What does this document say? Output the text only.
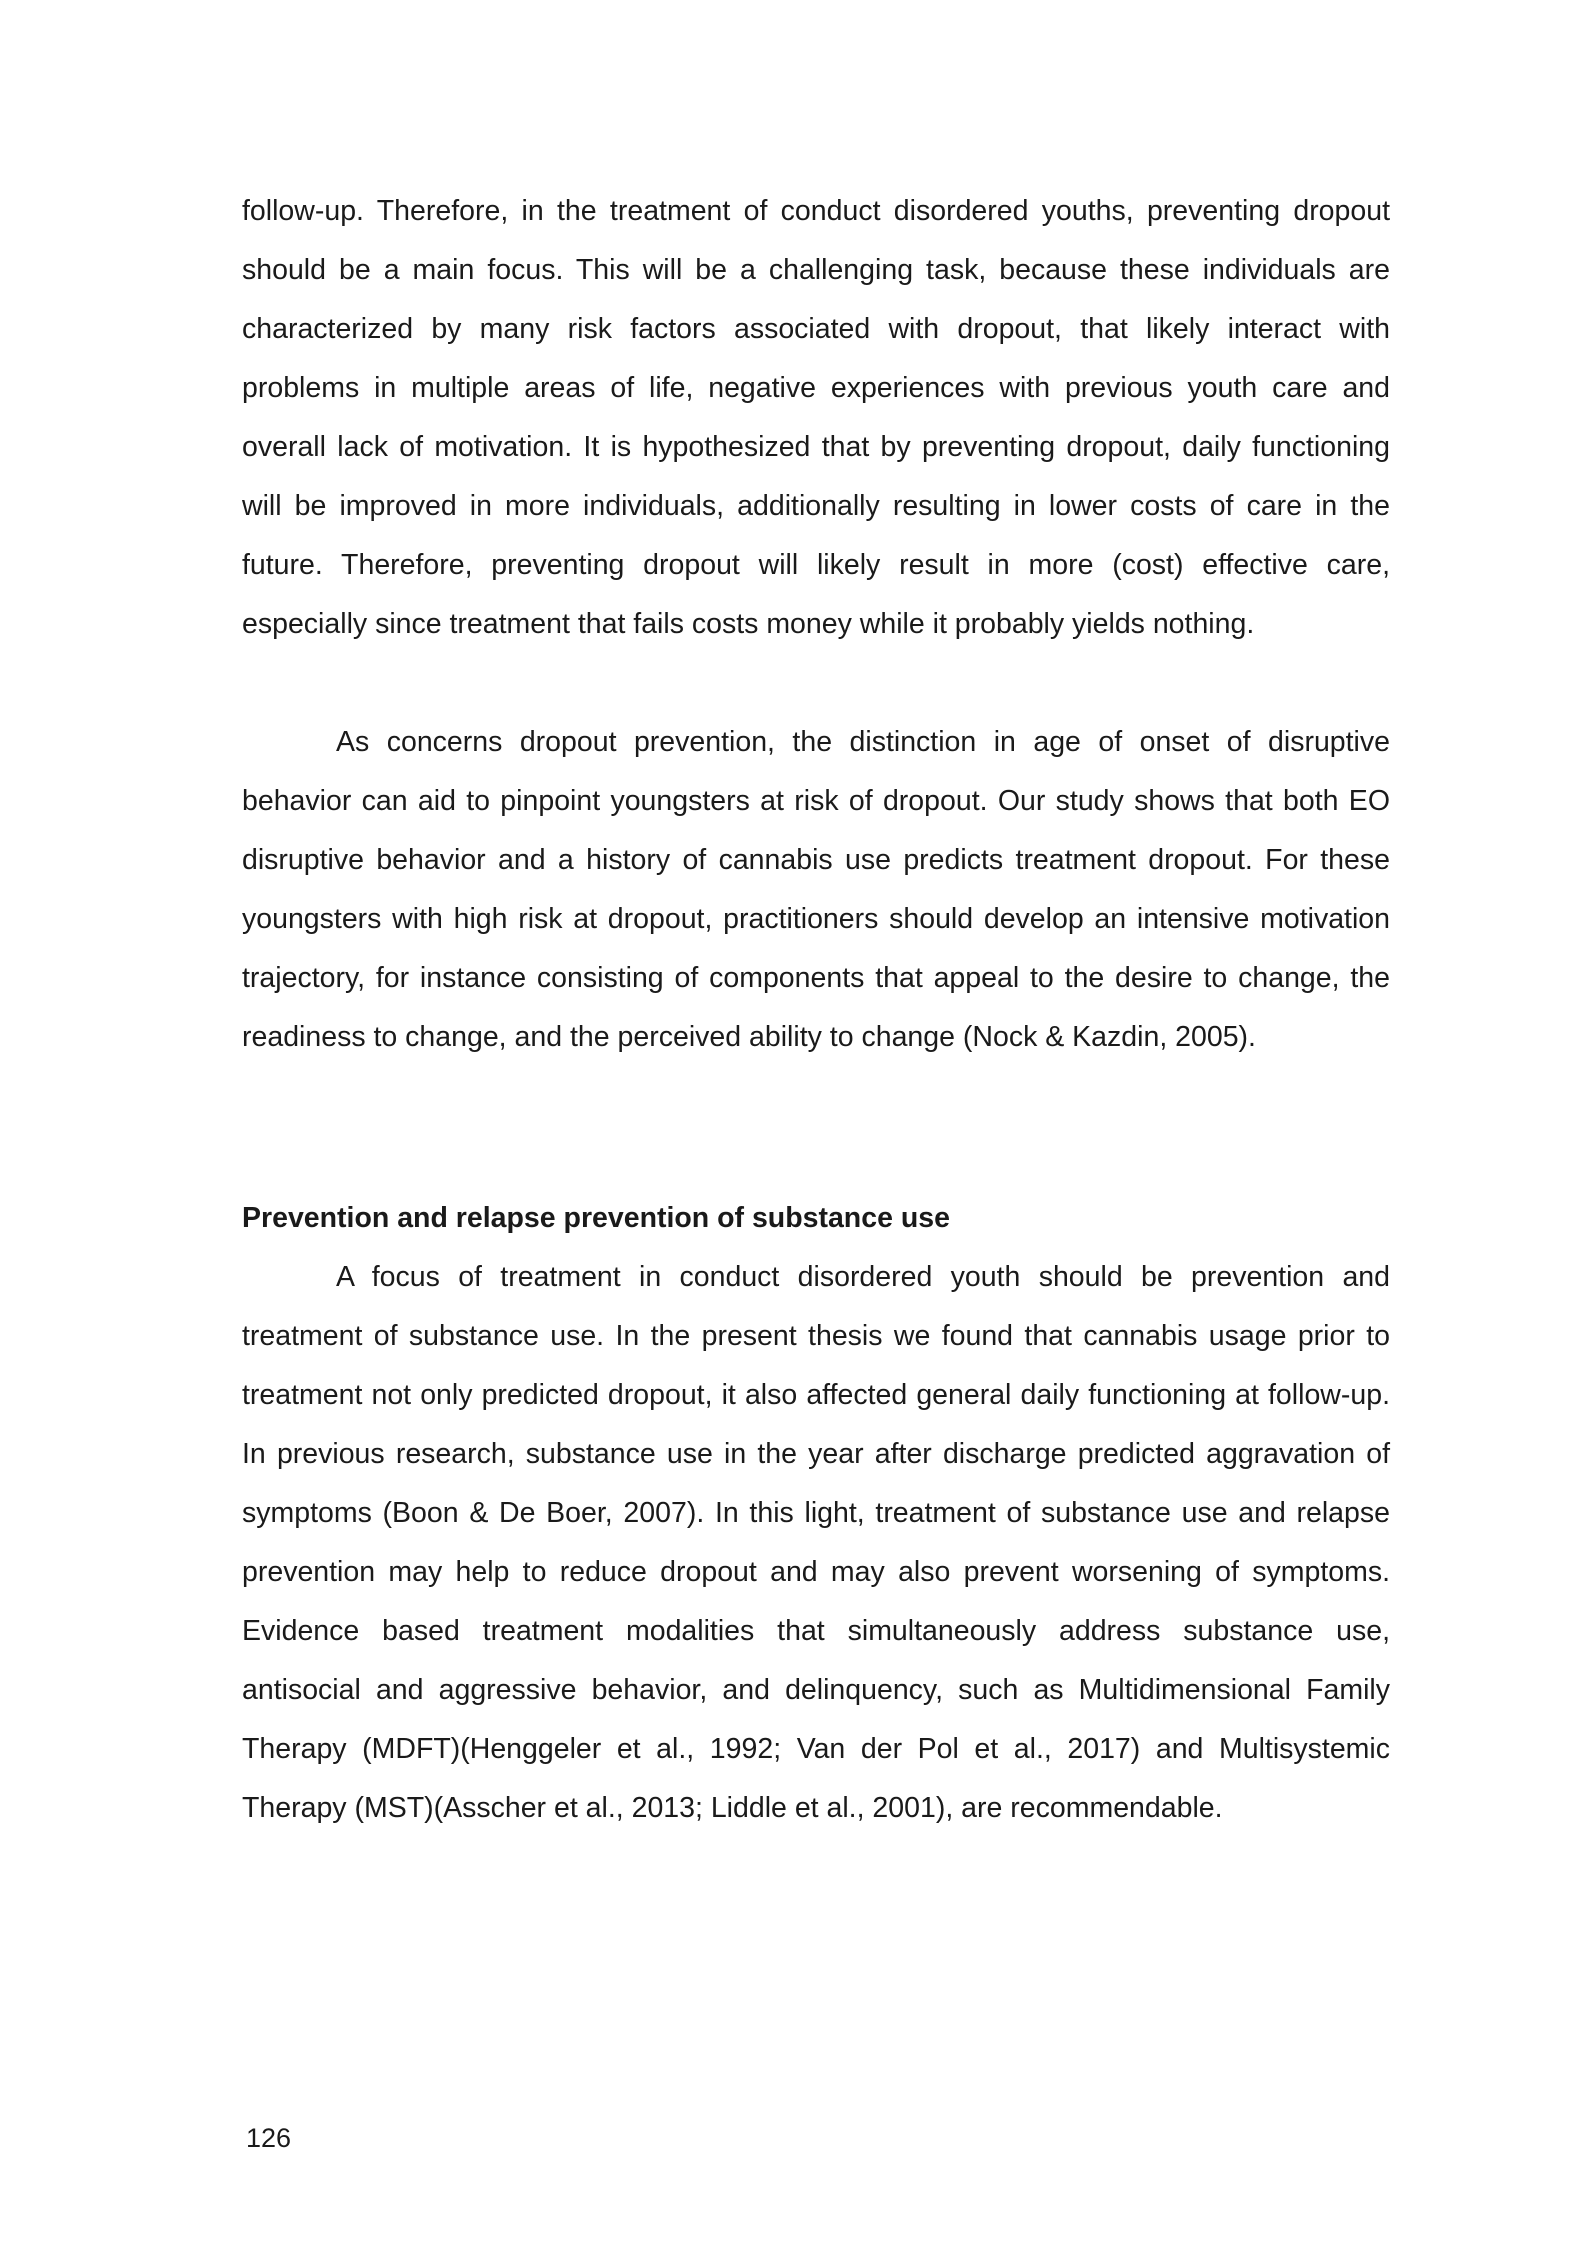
follow-up. Therefore, in the treatment of conduct disordered youths, preventing dropout should be a main focus. This will be a challenging task, because these individuals are characterized by many risk factors associated with dropout, that likely interact with problems in multiple areas of life, negative experiences with previous youth care and overall lack of motivation. It is hypothesized that by preventing dropout, daily functioning will be improved in more individuals, additionally resulting in lower costs of care in the future. Therefore, preventing dropout will likely result in more (cost) effective care, especially since treatment that fails costs money while it probably yields nothing.

As concerns dropout prevention, the distinction in age of onset of disruptive behavior can aid to pinpoint youngsters at risk of dropout. Our study shows that both EO disruptive behavior and a history of cannabis use predicts treatment dropout. For these youngsters with high risk at dropout, practitioners should develop an intensive motivation trajectory, for instance consisting of components that appeal to the desire to change, the readiness to change, and the perceived ability to change (Nock & Kazdin, 2005).

Prevention and relapse prevention of substance use

A focus of treatment in conduct disordered youth should be prevention and treatment of substance use. In the present thesis we found that cannabis usage prior to treatment not only predicted dropout, it also affected general daily functioning at follow-up. In previous research, substance use in the year after discharge predicted aggravation of symptoms (Boon & De Boer, 2007). In this light, treatment of substance use and relapse prevention may help to reduce dropout and may also prevent worsening of symptoms. Evidence based treatment modalities that simultaneously address substance use, antisocial and aggressive behavior, and delinquency, such as Multidimensional Family Therapy (MDFT)(Henggeler et al., 1992; Van der Pol et al., 2017) and Multisystemic Therapy (MST)(Asscher et al., 2013; Liddle et al., 2001), are recommendable.

126
